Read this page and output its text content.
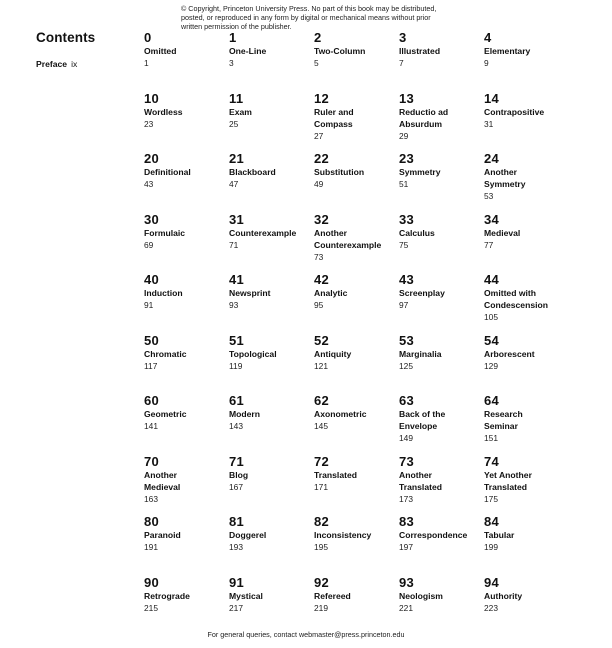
© Copyright, Princeton University Press. No part of this book may be distributed, posted, or reproduced in any form by digital or mechanical means without prior written permission of the publisher.
Contents
Preface ix
0
Omitted
1
1
One-Line
3
2
Two-Column
5
3
Illustrated
7
4
Elementary
9
10
Wordless
23
11
Exam
25
12
Ruler and
Compass
27
13
Reductio ad
Absurdum
29
14
Contrapositive
31
20
Definitional
43
21
Blackboard
47
22
Substitution
49
23
Symmetry
51
24
Another
Symmetry
53
30
Formulaic
69
31
Counterexample
71
32
Another
Counterexample
73
33
Calculus
75
34
Medieval
77
40
Induction
91
41
Newsprint
93
42
Analytic
95
43
Screenplay
97
44
Omitted with
Condescension
105
50
Chromatic
117
51
Topological
119
52
Antiquity
121
53
Marginalia
125
54
Arborescent
129
60
Geometric
141
61
Modern
143
62
Axonometric
145
63
Back of the
Envelope
149
64
Research
Seminar
151
70
Another
Medieval
163
71
Blog
167
72
Translated
171
73
Another
Translated
173
74
Yet Another
Translated
175
80
Paranoid
191
81
Doggerel
193
82
Inconsistency
195
83
Correspondence
197
84
Tabular
199
90
Retrograde
215
91
Mystical
217
92
Refereed
219
93
Neologism
221
94
Authority
223
For general queries, contact webmaster@press.princeton.edu
